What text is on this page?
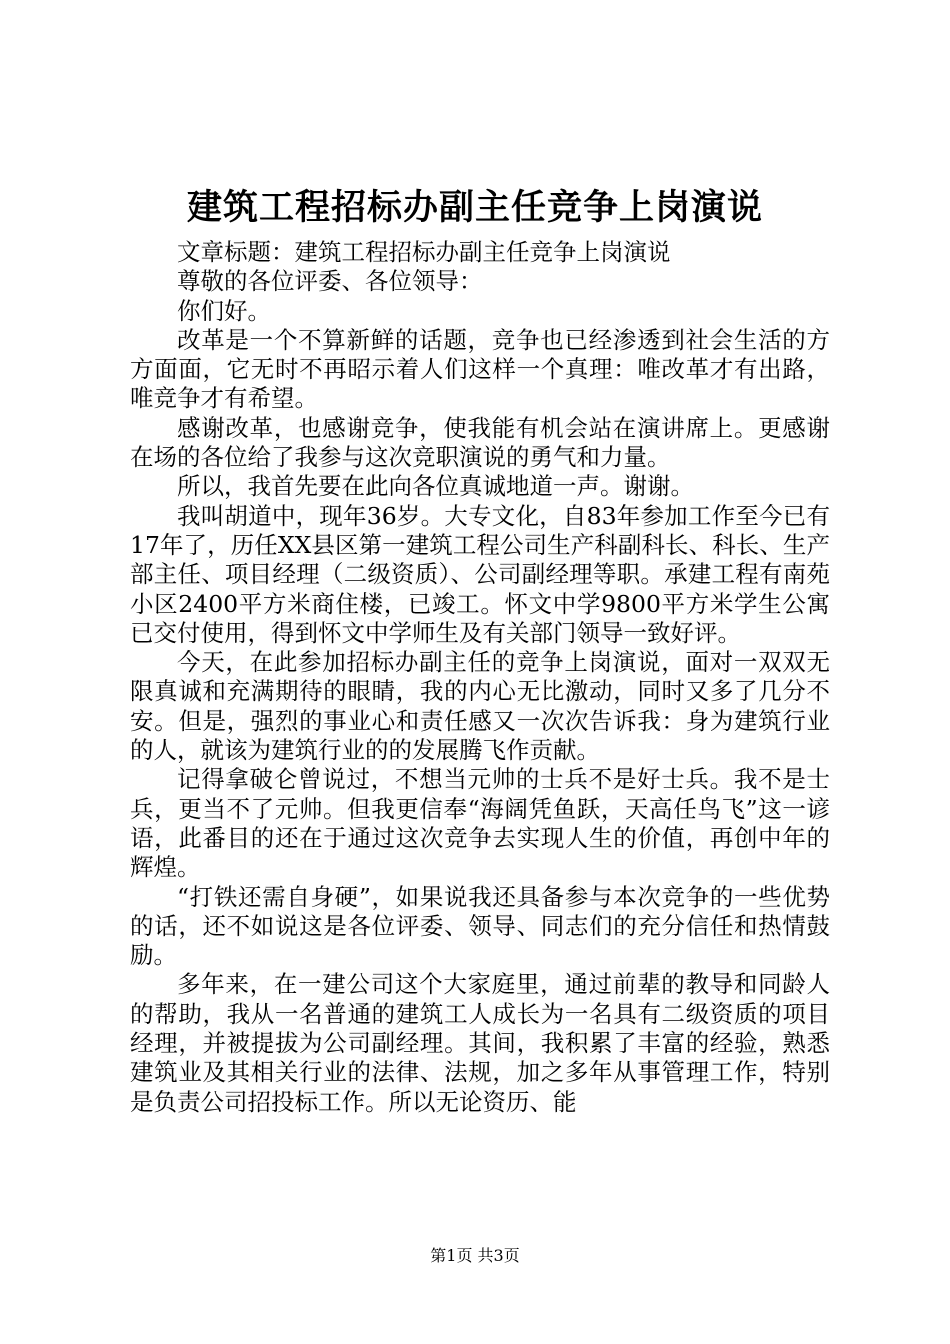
建筑工程招标办副主任竞争上岗演说

文章标题：建筑工程招标办副主任竞争上岗演说

尊敬的各位评委、各位领导：

你们好。

改革是一个不算新鲜的话题，竞争也已经渗透到社会生活的方方面面，它无时不再昭示着人们这样一个真理：唯改革才有出路，唯竞争才有希望。

感谢改革，也感谢竞争，使我能有机会站在演讲席上。更感谢在场的各位给了我参与这次竞职演说的勇气和力量。

所以，我首先要在此向各位真诚地道一声。谢谢。

我叫胡道中，现年36岁。大专文化，自83年参加工作至今已有17年了，历任XX县区第一建筑工程公司生产科副科长、科长、生产部主任、项目经理（二级资质）、公司副经理等职。承建工程有南苑小区2400平方米商住楼，已竣工。怀文中学9800平方米学生公寓已交付使用，得到怀文中学师生及有关部门领导一致好评。

今天，在此参加招标办副主任的竞争上岗演说，面对一双双无限真诚和充满期待的眼睛，我的内心无比激动，同时又多了几分不安。但是，强烈的事业心和责任感又一次次告诉我：身为建筑行业的人，就该为建筑行业的的发展腾飞作贡献。

记得拿破仑曾说过，不想当元帅的士兵不是好士兵。我不是士兵，更当不了元帅。但我更信奉“海阔凭鱼跃，天高任鸟飞”这一谚语，此番目的还在于通过这次竞争去实现人生的价值，再创中年的辉煌。

“打铁还需自身硬”，如果说我还具备参与本次竞争的一些优势的话，还不如说这是各位评委、领导、同志们的充分信任和热情鼓励。

多年来，在一建公司这个大家庭里，通过前辈的教导和同龄人的帮助，我从一名普通的建筑工人成长为一名具有二级资质的项目经理，并被提拔为公司副经理。其间，我积累了丰富的经验，熟悉建筑业及其相关行业的法律、法规，加之多年从事管理工作，特别是负责公司招投标工作。所以无论资历、能

第1页 共3页
